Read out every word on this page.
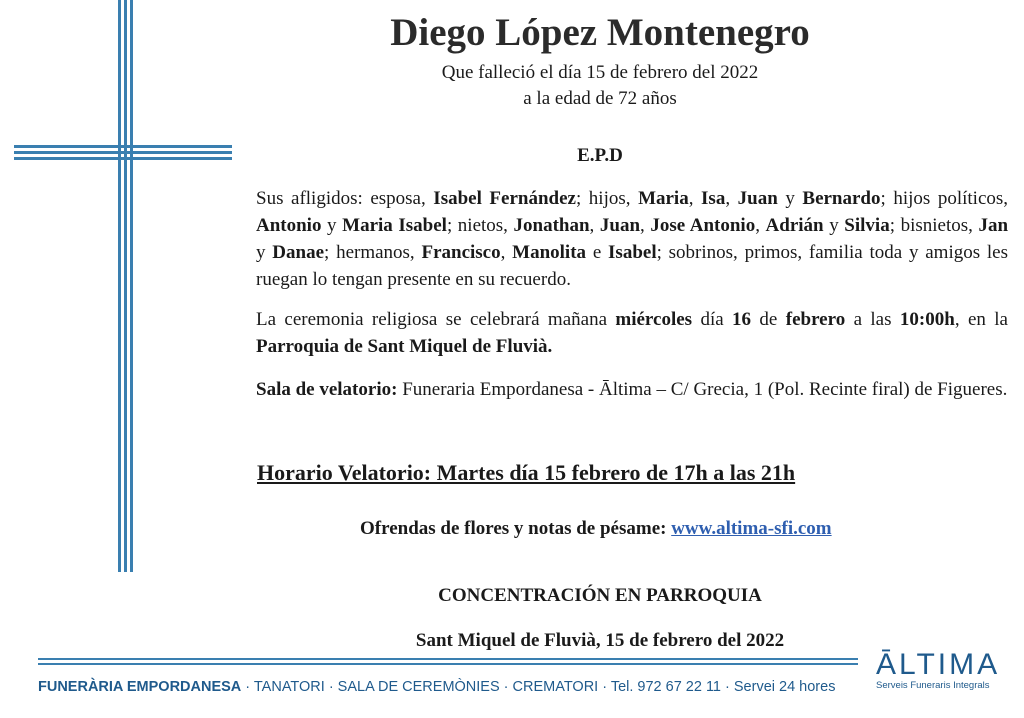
Diego López Montenegro
Que falleció el día 15 de febrero del 2022
a la edad de 72 años
E.P.D
Sus afligidos: esposa, Isabel Fernández; hijos, Maria, Isa, Juan y Bernardo; hijos políticos, Antonio y Maria Isabel; nietos, Jonathan, Juan, Jose Antonio, Adrián y Silvia; bisnietos, Jan y Danae; hermanos, Francisco, Manolita e Isabel; sobrinos, primos, familia toda y amigos les ruegan lo tengan presente en su recuerdo.
La ceremonia religiosa se celebrará mañana miércoles día 16 de febrero a las 10:00h, en la Parroquia de Sant Miquel de Fluvià.
Sala de velatorio: Funeraria Empordanesa - Āltima – C/ Grecia, 1 (Pol. Recinte firal) de Figueres.
Horario Velatorio: Martes día 15 febrero de 17h a las 21h
Ofrendas de flores y notas de pésame: www.altima-sfi.com
CONCENTRACIÓN EN PARROQUIA
Sant Miquel de Fluvià, 15 de febrero del 2022
FUNERÀRIA EMPORDANESA · TANATORI · SALA DE CEREMÒNIES · CREMATORI · Tel. 972 67 22 11 · Servei 24 hores
ĀLTIMA
Serveis Funeraris Integrals
